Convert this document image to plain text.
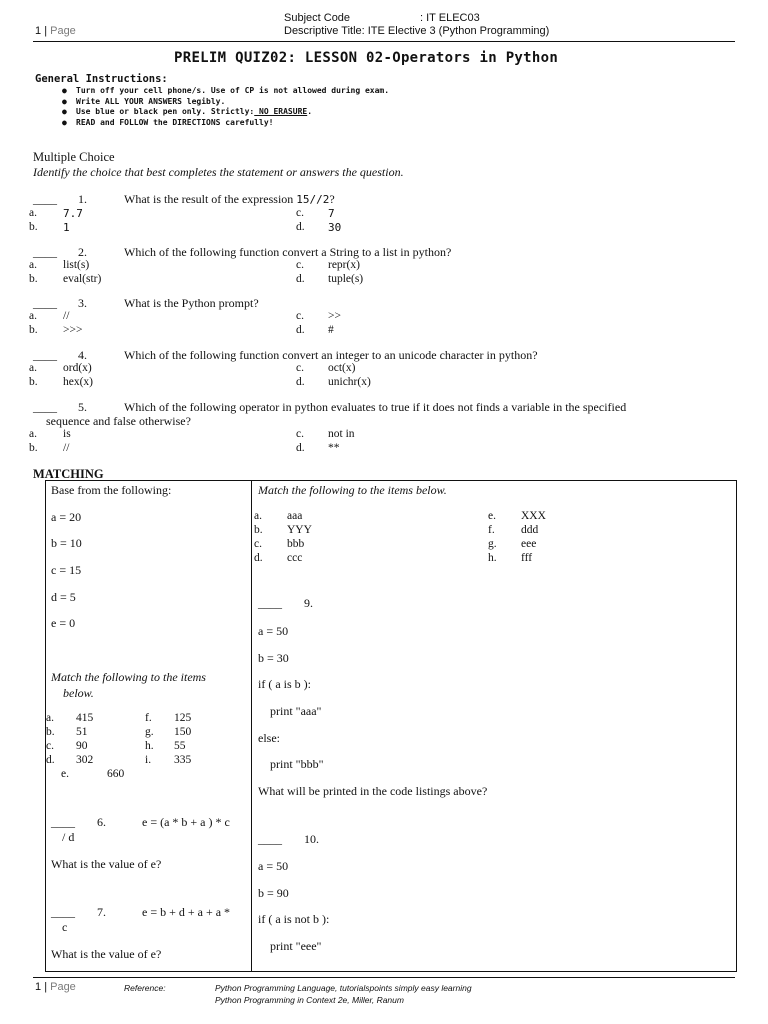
1 | Page
Subject Code	: IT ELEC03
Descriptive Title: ITE Elective 3 (Python Programming)
PRELIM QUIZ02: LESSON 02-Operators in Python
General Instructions:
● Turn off your cell phone/s. Use of CP is not allowed during exam.
● Write ALL YOUR ANSWERS legibly.
● Use blue or black pen only. Strictly: NO ERASURE.
● READ and FOLLOW the DIRECTIONS carefully!
Multiple Choice
Identify the choice that best completes the statement or answers the question.
____ 1.	What is the result of the expression 15//2?
a. 7.7
b. 1
c. 7
d. 30
____ 2.	Which of the following function convert a String to a list in python?
a. list(s)
b. eval(str)
c. repr(x)
d. tuple(s)
____ 3.	What is the Python prompt?
a. //
b. >>>
c. >>
d. #
____ 4.	Which of the following function convert an integer to an unicode character in python?
a. ord(x)
b. hex(x)
c. oct(x)
d. unichr(x)
____ 5.	Which of the following operator in python evaluates to true if it does not finds a variable in the specified
sequence and false otherwise?
a. is
b. //
c. not in
d. **
MATCHING
Base from the following:
a = 20
b = 10
c = 15
d = 5
e = 0
Match the following to the items
below.
a. 415	f. 125
b. 51	g. 150
c. 90	h. 55
d. 302	i. 335
e.	660
____ 6.	e = (a * b + a ) * c
/ d
What is the value of e?
____ 7.	e = b + d + a + a *
c
What is the value of e?
Match the following to the items below.
a. aaa	e. XXX
b. YYY	f. ddd
c. bbb	g. eee
d. ccc	h. fff
____ 9.
a = 50
b = 30
if ( a is b ):
print "aaa"
else:
print "bbb"
What will be printed in the code listings above?
____ 10.
a = 50
b = 90
if ( a is not b ):
print "eee"
1 | Page	Reference:	Python Programming Language, tutorialspoints simply easy learning
Python Programming in Context 2e, Miller, Ranum
